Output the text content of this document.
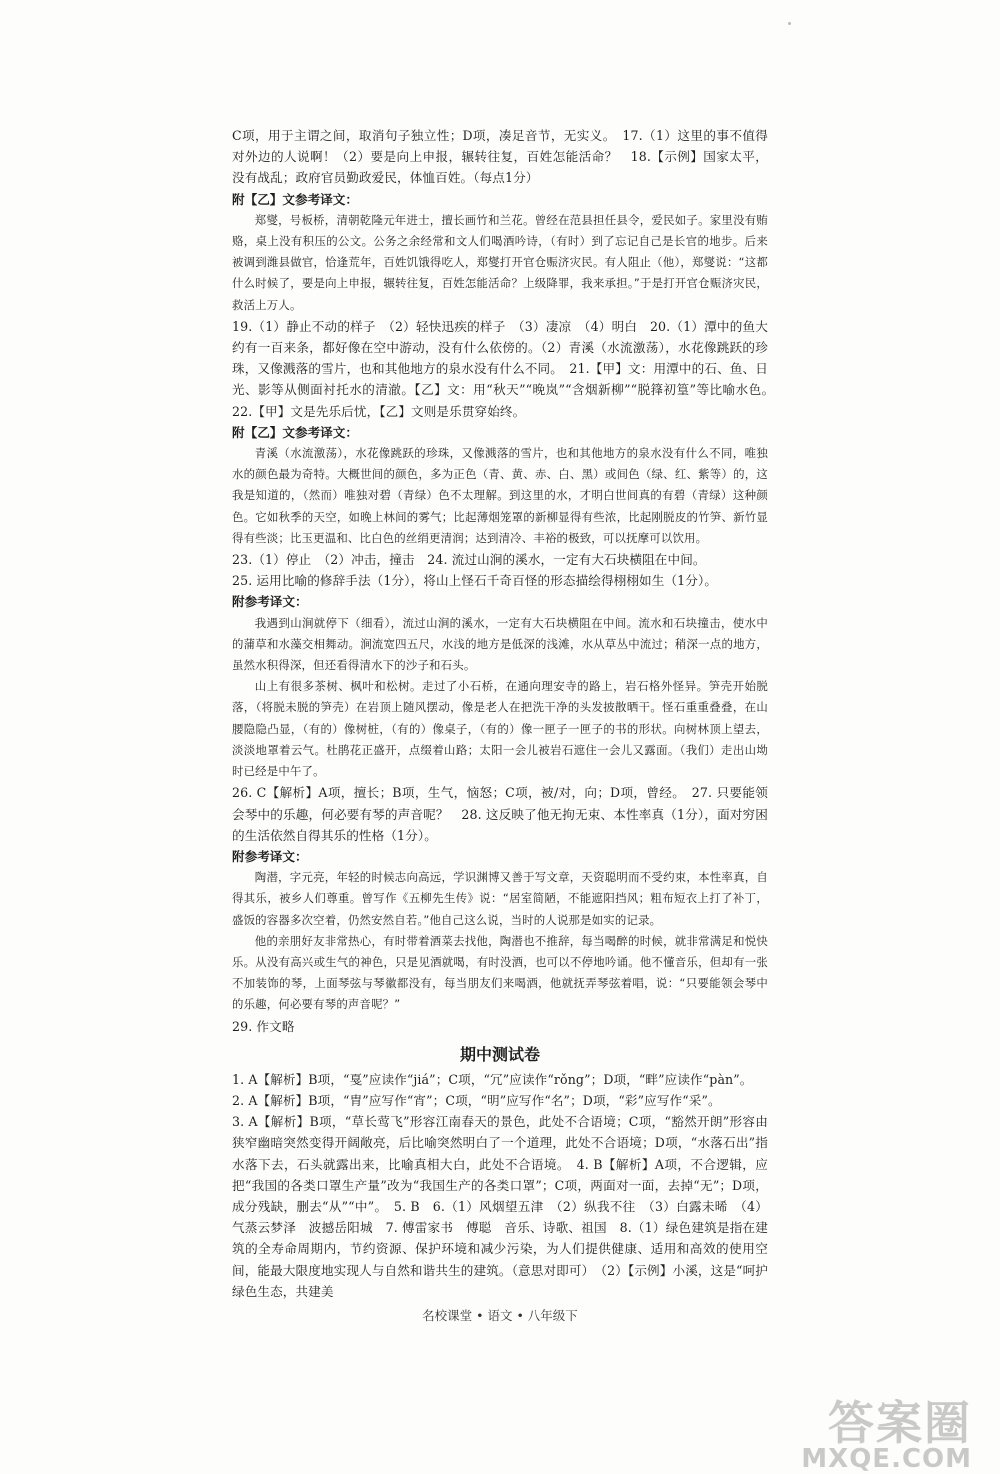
C项，用于主谓之间，取消句子独立性；D项，凑足音节，无实义。　17.（1）这里的事不值得对外边的人说啊！（2）要是向上申报，辗转往复，百姓怎能活命？　18.【示例】国家太平，没有战乱；政府官员勤政爱民，体恤百姓。（每点1分）

附【乙】文参考译文：

郑燮，号板桥，清朝乾隆元年进士，擅长画竹和兰花。曾经在范县担任县令，爱民如子。家里没有贿赂，桌上没有积压的公文。公务之余经常和文人们喝酒吟诗，（有时）到了忘记自己是长官的地步。后来被调到潍县做官，恰逢荒年，百姓饥饿得吃人，郑燮打开官仓赈济灾民。有人阻止（他），郑燮说：“这都什么时候了，要是向上申报，辗转往复，百姓怎能活命？上级降罪，我来承担。”于是打开官仓赈济灾民，救活上万人。

19.（1）静止不动的样子　（2）轻快迅疾的样子　（3）凄凉　（4）明白　20.（1）潭中的鱼大约有一百来条，都好像在空中游动，没有什么依傍的。（2）青溪（水流激荡），水花像跳跃的珍珠，又像溅落的雪片，也和其他地方的泉水没有什么不同。　21.【甲】文：用潭中的石、鱼、日光、影等从侧面衬托水的清澈。【乙】文：用“秋天”“晚岚”“含烟新柳”“脱箨初篁”等比喻水色。　22.【甲】文是先乐后忧，【乙】文则是乐贯穿始终。

附【乙】文参考译文：

青溪（水流激荡），水花像跳跃的珍珠，又像溅落的雪片，也和其他地方的泉水没有什么不同，唯独水的颜色最为奇特。大概世间的颜色，多为正色（青、黄、赤、白、黑）或间色（绿、红、紫等）的，这我是知道的，（然而）唯独对碧（青绿）色不太理解。到这里的水，才明白世间真的有碧（青绿）这种颜色。它如秋季的天空，如晚上林间的雾气；比起薄烟笼罩的新柳显得有些浓，比起刚脱皮的竹笋、新竹显得有些淡；比玉更温和、比白色的丝绢更清润；达到清冷、丰裕的极致，可以抚摩可以饮用。

23.（1）停止　（2）冲击，撞击　24. 流过山涧的溪水，一定有大石块横阻在中间。

25. 运用比喻的修辞手法（1分），将山上怪石千奇百怪的形态描绘得栩栩如生（1分）。

附参考译文：

我遇到山涧就停下（细看），流过山涧的溪水，一定有大石块横阻在中间。流水和石块撞击，使水中的蒲草和水藻交相舞动。涧流宽四五尺，水浅的地方是低深的浅滩，水从草丛中流过；稍深一点的地方，虽然水积得深，但还看得清水下的沙子和石头。

山上有很多茶树、枫叶和松树。走过了小石桥，在通向理安寺的路上，岩石格外怪异。笋壳开始脱落，（将脱未脱的笋壳）在岩顶上随风摆动，像是老人在把洗干净的头发披散晒干。怪石重重叠叠，在山腰隐隐凸显，（有的）像树桩，（有的）像桌子，（有的）像一匣子一匣子的书的形状。向树林顶上望去，淡淡地罩着云气。杜鹃花正盛开，点缀着山路；太阳一会儿被岩石遮住一会儿又露面。（我们）走出山坳时已经是中午了。

26. C【解析】A项，擅长；B项，生气，恼怒；C项，被/对，向；D项，曾经。　27. 只要能领会琴中的乐趣，何必要有琴的声音呢？　28. 这反映了他无拘无束、本性率真（1分），面对穷困的生活依然自得其乐的性格（1分）。

附参考译文：

陶潜，字元亮，年轻的时候志向高远，学识渊博又善于写文章，天资聪明而不受约束，本性率真，自得其乐，被乡人们尊重。曾写作《五柳先生传》说：“居室简陋，不能遮阳挡风；粗布短衣上打了补丁，盛饭的容器多次空着，仍然安然自若。”他自己这么说，当时的人说那是如实的记录。

他的亲朋好友非常热心，有时带着酒菜去找他，陶潜也不推辞，每当喝醉的时候，就非常满足和悦快乐。从没有高兴或生气的神色，只是见酒就喝，有时没酒，也可以不停地吟诵。他不懂音乐，但却有一张不加装饰的琴，上面琴弦与琴徽都没有，每当朋友们来喝酒，他就抚弄琴弦着唱，说：“只要能领会琴中的乐趣，何必要有琴的声音呢？”

29. 作文略

期中测试卷

1. A【解析】B项，“戛”应读作“jiá”；C项，“冗”应读作“rǒng”；D项，“畔”应读作“pàn”。

2. A【解析】B项，“胄”应写作“宵”；C项，“明”应写作“名”；D项，“彩”应写作“采”。

3. A【解析】B项，“草长莺飞”形容江南春天的景色，此处不合语境；C项，“豁然开朗”形容由狭窄幽暗突然变得开阔敞亮，后比喻突然明白了一个道理，此处不合语境；D项，“水落石出”指水落下去，石头就露出来，比喻真相大白，此处不合语境。　4. B【解析】A项，不合逻辑，应把“我国的各类口罩生产量”改为“我国生产的各类口罩”；C项，两面对一面，去掉“无”；D项，成分残缺，删去“从”“中”。　5. B　6.（1）风烟望五津　（2）纵我不往　（3）白露未晞　（4）气蒸云梦泽　波撼岳阳城　7. 傅雷家书　傅聪　音乐、诗歌、祖国　8.（1）绿色建筑是指在建筑的全寿命周期内，节约资源、保护环境和减少污染，为人们提供健康、适用和高效的使用空间，能最大限度地实现人与自然和谐共生的建筑。（意思对即可）　（2）【示例】小溪，这是“呵护绿色生态，共建美

名校课堂 • 语文 • 八年级下
答案圈
MXQE.COM
